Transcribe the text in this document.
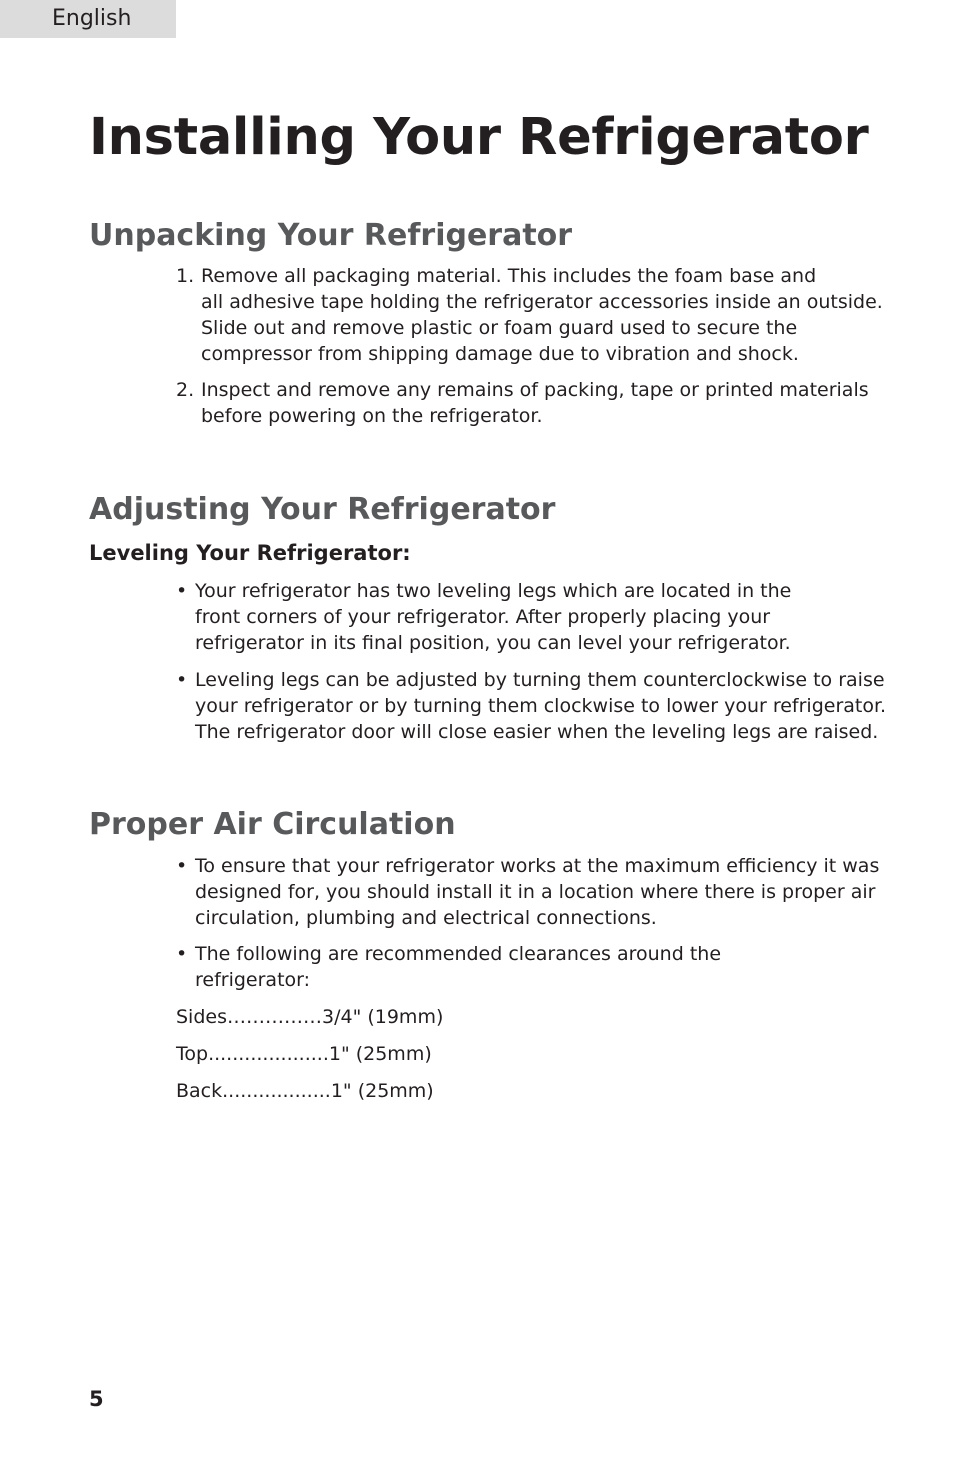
English
Installing Your Refrigerator
Unpacking Your Refrigerator
1. Remove all packaging material. This includes the foam base and
all adhesive tape holding the refrigerator accessories inside an outside.
Slide out and remove plastic or foam guard used to secure the
compressor from shipping damage due to vibration and shock.
2. Inspect and remove any remains of packing, tape or printed materials
before powering on the refrigerator.
Adjusting Your Refrigerator
Leveling Your Refrigerator:
• Your refrigerator has two leveling legs which are located in the
front corners of your refrigerator. After properly placing your
refrigerator in its final position, you can level your refrigerator.
• Leveling legs can be adjusted by turning them counterclockwise to raise
your refrigerator or by turning them clockwise to lower your refrigerator.
The refrigerator door will close easier when the leveling legs are raised.
Proper Air Circulation
• To ensure that your refrigerator works at the maximum efficiency it was
designed for, you should install it in a location where there is proper air
circulation, plumbing and electrical connections.
• The following are recommended clearances around the
refrigerator:
Sides……………3/4" (19mm)
Top....................1" (25mm)
Back..................1" (25mm)
5
